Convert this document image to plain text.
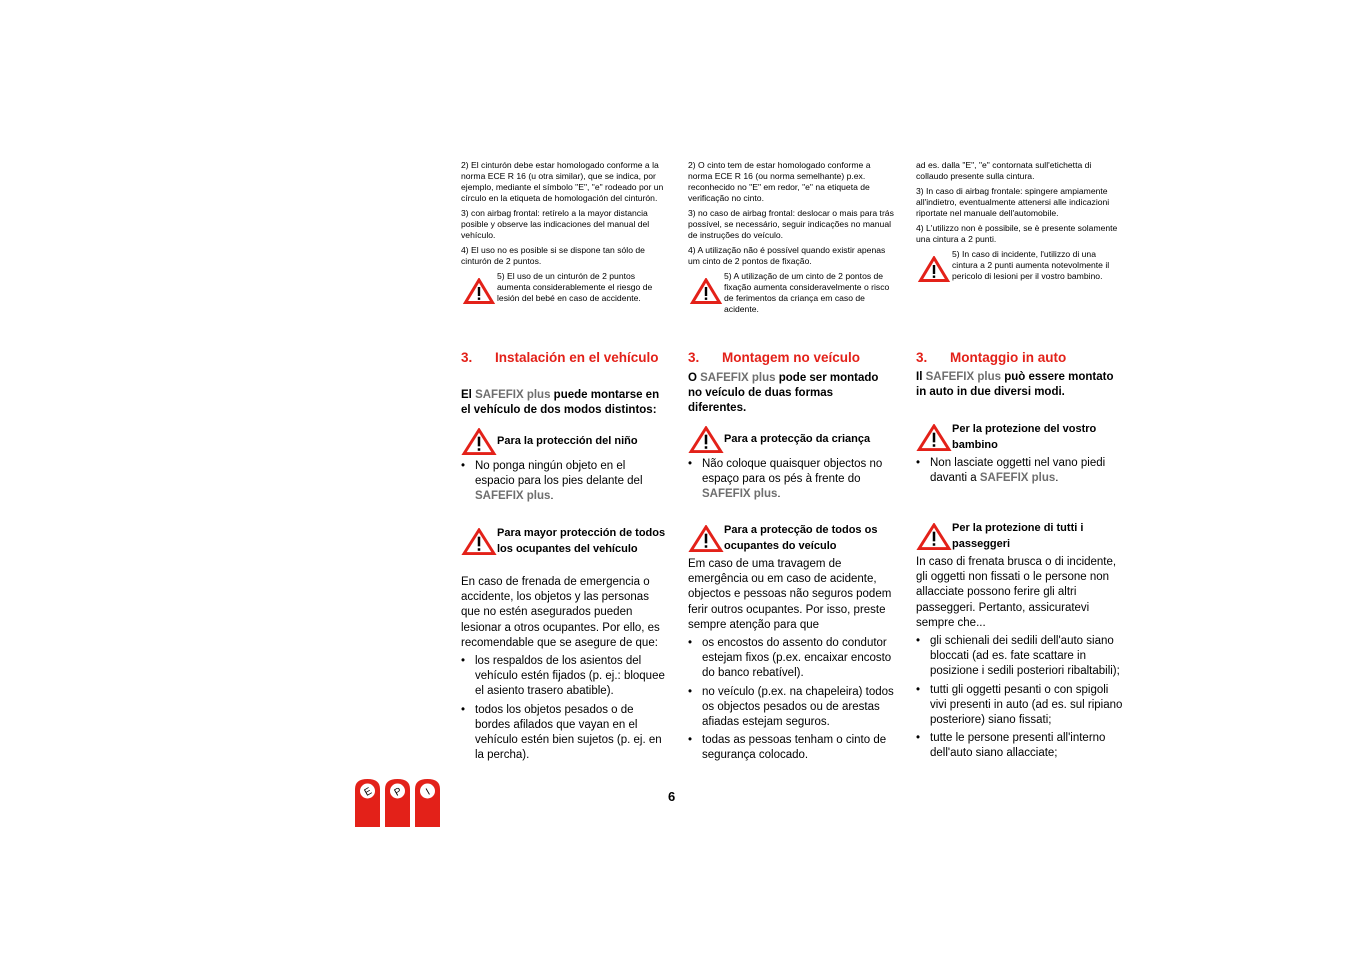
2) El cinturón debe estar homologado conforme a la norma ECE R 16 (u otra similar), que se indica, por ejemplo, mediante el símbolo "E", "e" rodeado por un círculo en la etiqueta de homologación del cinturón.

3) con airbag frontal: retírelo a la mayor distancia posible y observe las indicaciones del manual del vehículo.

4) El uso no es posible si se dispone tan sólo de cinturón de 2 puntos.

5) El uso de un cinturón de 2 puntos aumenta considerablemente el riesgo de lesión del bebé en caso de accidente.
3.	Instalación en el vehículo

El SAFEFIX plus puede montarse en el vehículo de dos modos distintos:

Para la protección del niño
• No ponga ningún objeto en el espacio para los pies delante del SAFEFIX plus.
Para mayor protección de todos los ocupantes del vehículo

En caso de frenada de emergencia o accidente, los objetos y las personas que no estén asegurados pueden lesionar a otros ocupantes. Por ello, es recomendable que se asegure de que:

• los respaldos de los asientos del vehículo estén fijados (p. ej.: bloquee el asiento trasero abatible).
• todos los objetos pesados o de bordes afilados que vayan en el vehículo estén bien sujetos (p. ej. en la percha).

2) O cinto tem de estar homologado conforme a norma ECE R 16 (ou norma semelhante) p.ex. reconhecido no "E" em redor, "e" na etiqueta de verificação no cinto.

3) no caso de airbag frontal: deslocar o mais para trás possível, se necessário, seguir indicações no manual de instruções do veículo.

4) A utilização não é possível quando existir apenas um cinto de 2 pontos de fixação.

5) A utilização de um cinto de 2 pontos de fixação aumenta consideravelmente o risco de ferimentos da criança em caso de acidente.
3.	Montagem no veículo

O SAFEFIX plus pode ser montado no veículo de duas formas diferentes.

Para a protecção da criança
• Não coloque quaisquer objectos no espaço para os pés à frente do SAFEFIX plus.
Para a protecção de todos os ocupantes do veículo

Em caso de uma travagem de emergência ou em caso de acidente, objectos e pessoas não seguros podem ferir outros ocupantes. Por isso, preste sempre atenção para que

• os encostos do assento do condutor estejam fixos (p.ex. encaixar encosto do banco rebatível).
• no veículo (p.ex. na chapeleira) todos os objectos pesados ou de arestas afiadas estejam seguros.
• todas as pessoas tenham o cinto de segurança colocado.

ad es. dalla "E", "e" contornata sull'etichetta di collaudo presente sulla cintura.

3) In caso di airbag frontale: spingere ampiamente all'indietro, eventualmente attenersi alle indicazioni riportate nel manuale dell'automobile.

4) L'utilizzo non è possibile, se è presente solamente una cintura a 2 punti.

5) In caso di incidente, l'utilizzo di una cintura a 2 punti aumenta notevolmente il pericolo di lesioni per il vostro bambino.
3.	Montaggio in auto

Il SAFEFIX plus può essere montato in auto in due diversi modi.

Per la protezione del vostro bambino
• Non lasciate oggetti nel vano piedi davanti a SAFEFIX plus.
Per la protezione di tutti i passeggeri

In caso di frenata brusca o di incidente, gli oggetti non fissati o le persone non allacciate possono ferire gli altri passeggeri. Pertanto, assicuratevi sempre che...

• gli schienali dei sedili dell'auto siano bloccati (ad es. fate scattare in posizione i sedili posteriori ribaltabili);
• tutti gli oggetti pesanti o con spigoli vivi presenti in auto (ad es. sul ripiano posteriore) siano fissati;
• tutte le persone presenti all'interno dell'auto siano allacciate;
6
E P I
